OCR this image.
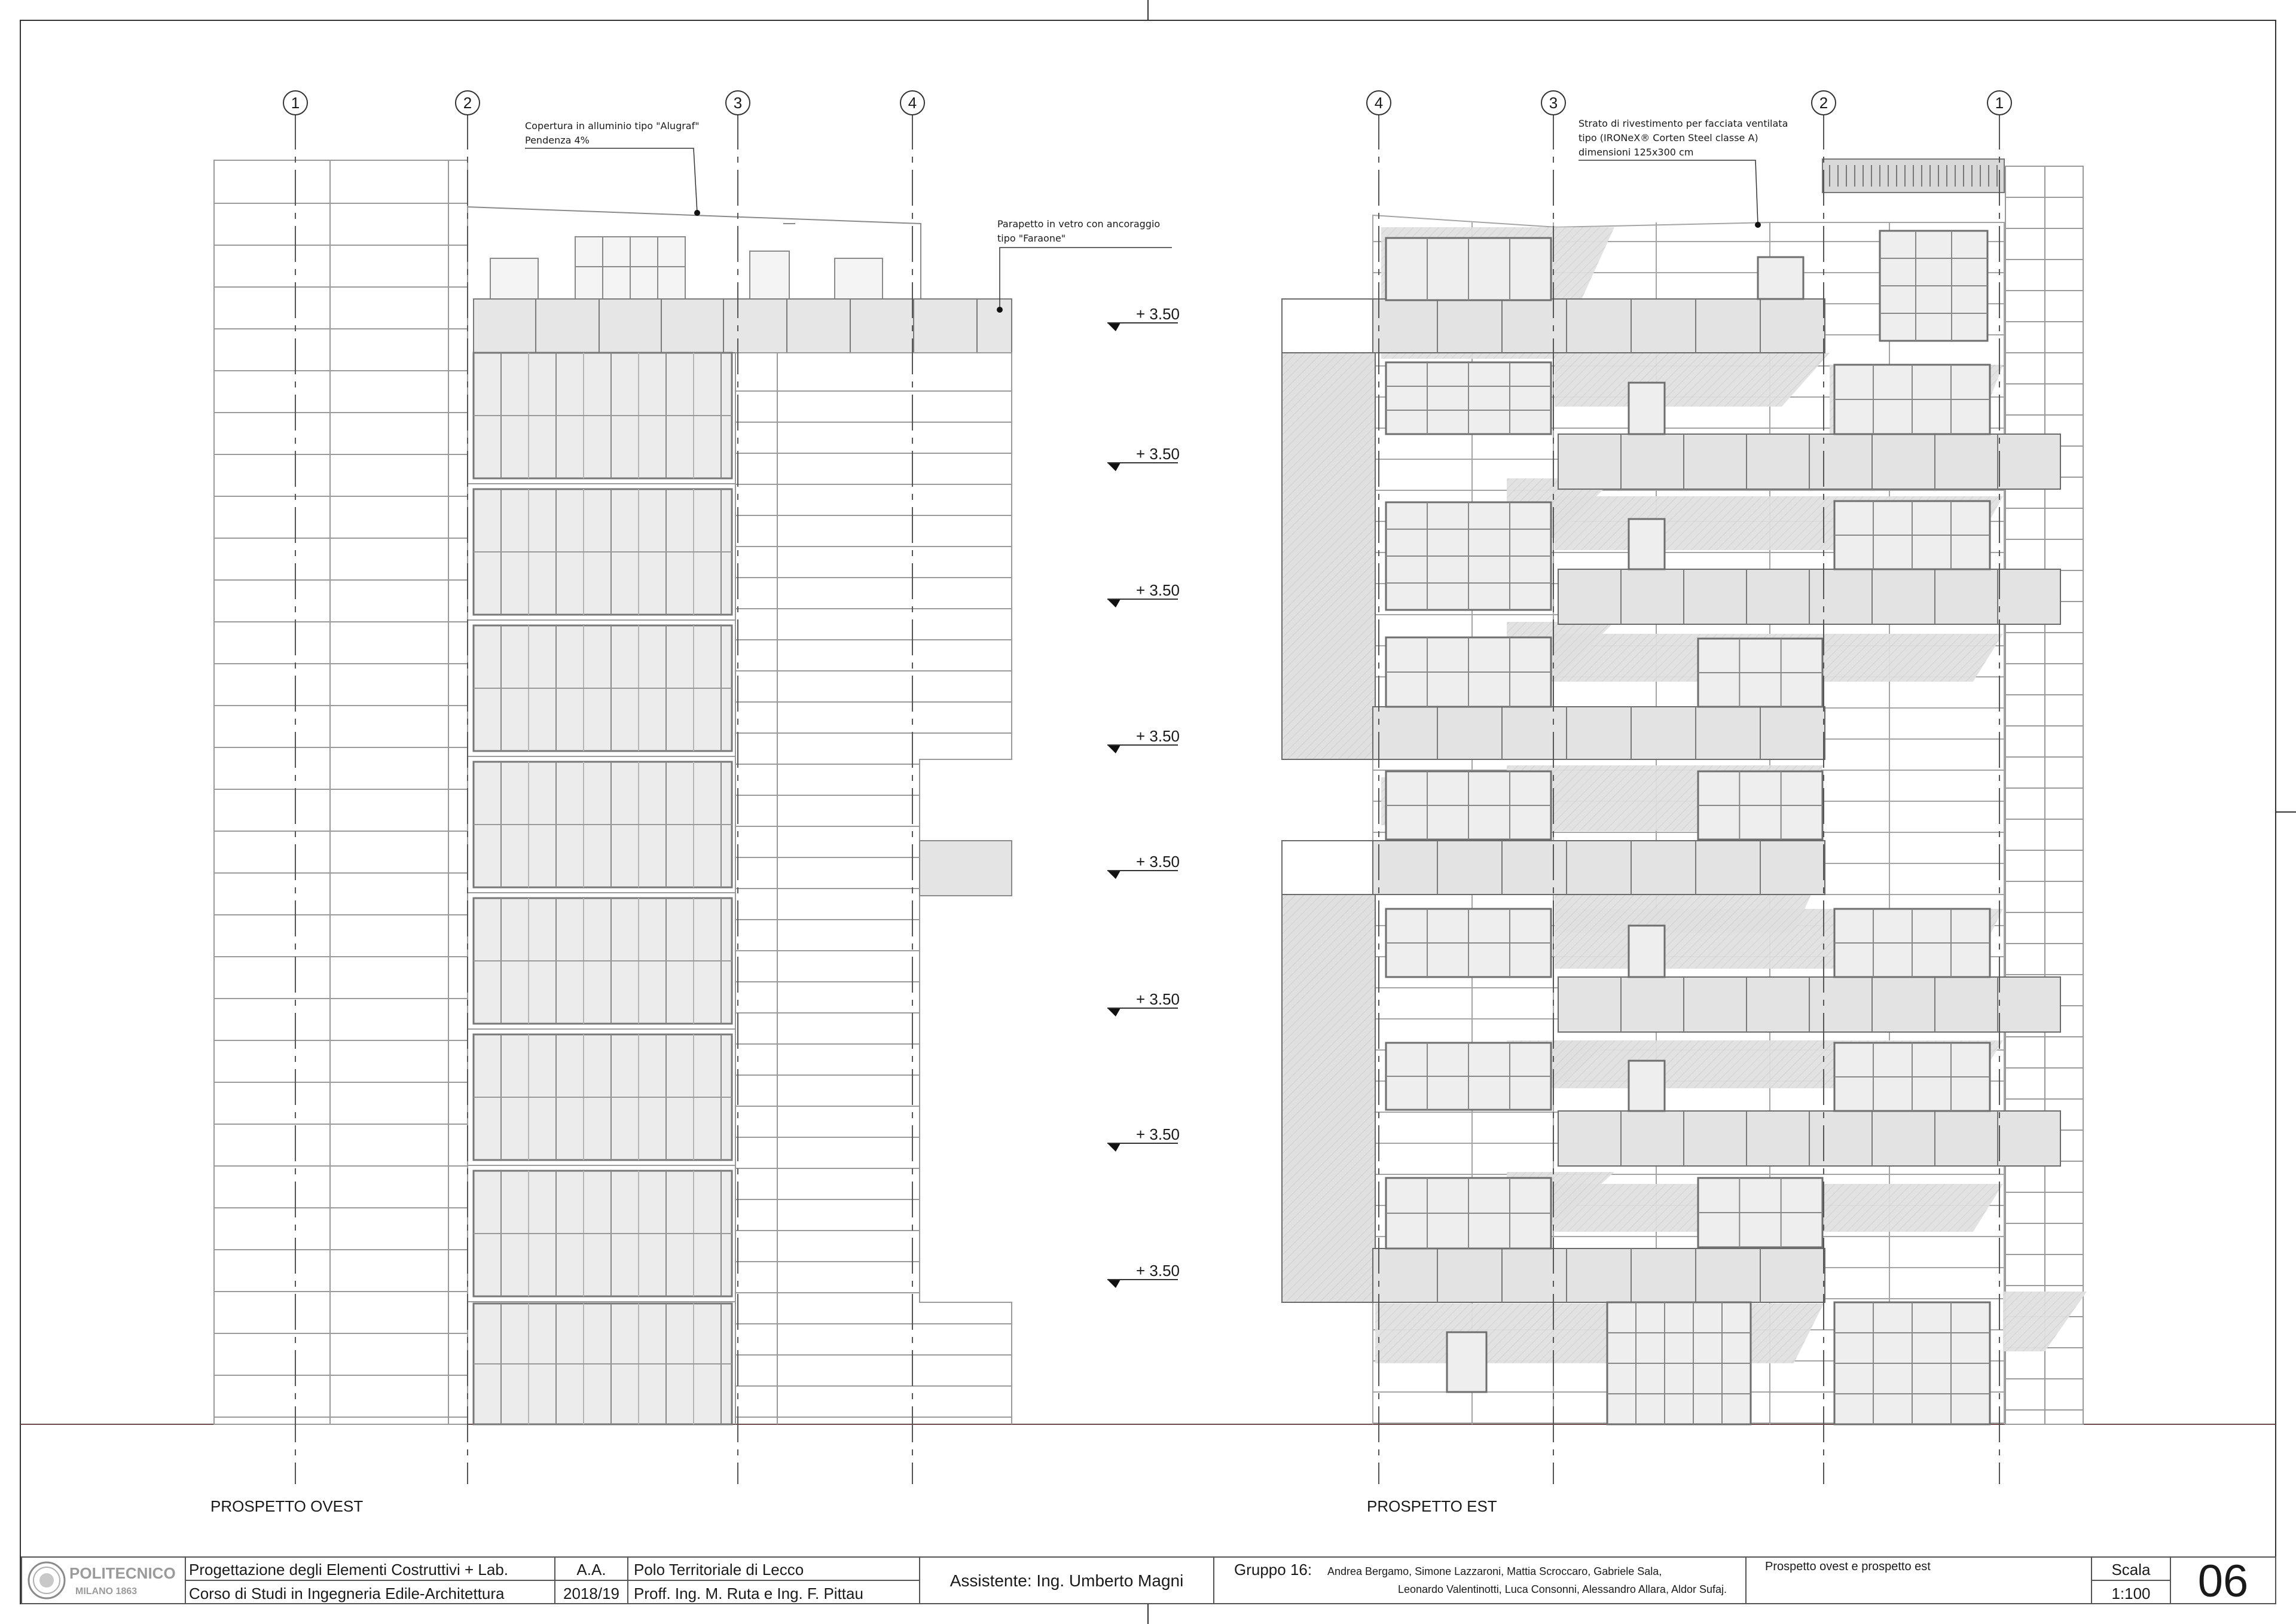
1	2	3	4
Copertura in alluminio tipo "Alugraf"
Pendenza 4%
Parapetto in vetro con ancoraggio
tipo "Faraone"
+ 3.50
+ 3.50
+ 3.50
+ 3.50
+ 3.50
+ 3.50
+ 3.50
+ 3.50
4	3	2	1
Strato di rivestimento per facciata ventilata
tipo (IRONeX® Corten Steel classe A)
dimensioni 125x300 cm
PROSPETTO OVEST	PROSPETTO EST
POLITECNICO
MILANO 1863
Progettazione degli Elementi Costruttivi + Lab.
Corso di Studi in Ingegneria Edile-Architettura
A.A.
2018/19
Polo Territoriale di Lecco
Proff. Ing. M. Ruta e Ing. F. Pittau
Assistente: Ing. Umberto Magni
Gruppo 16: Andrea Bergamo, Simone Lazzaroni, Mattia Scroccaro, Gabriele Sala,
Leonardo Valentinotti, Luca Consonni, Alessandro Allara, Aldor Sufaj.
Prospetto ovest e prospetto est	Scala
1:100 06
